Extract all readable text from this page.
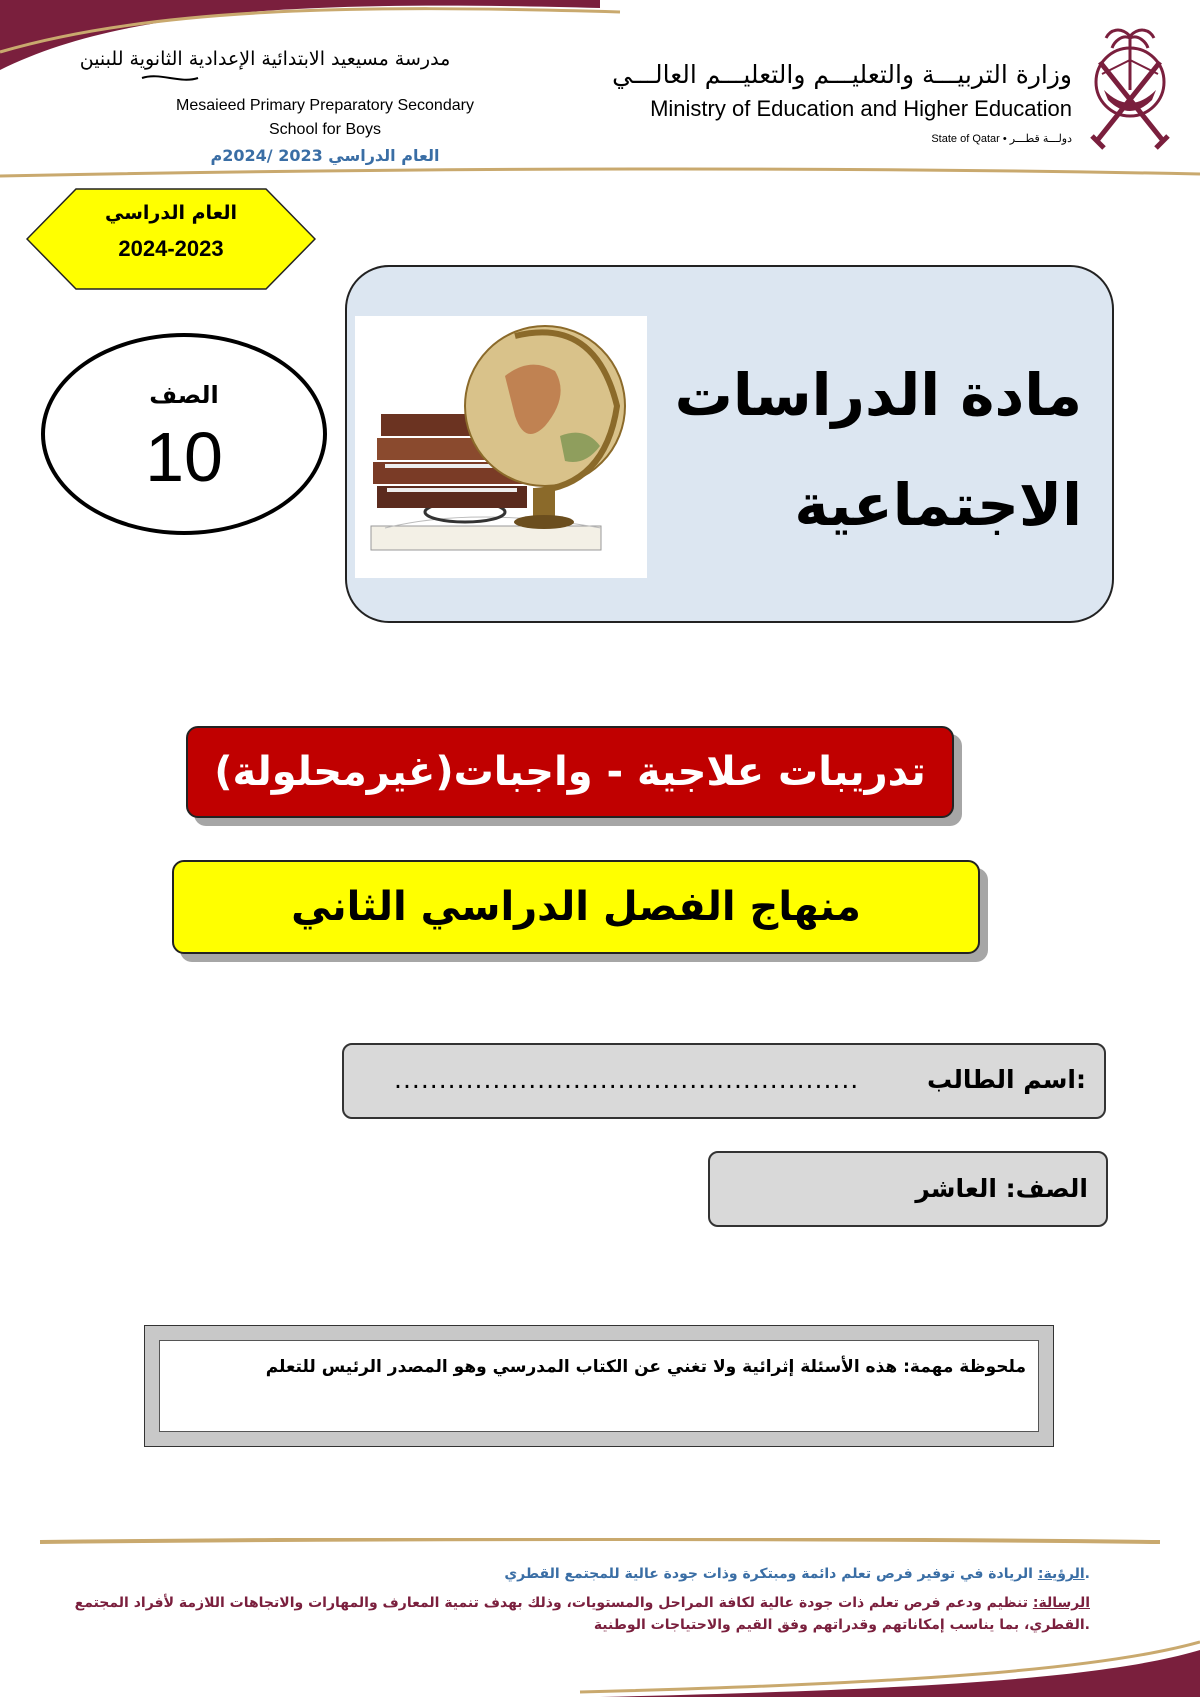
مدرسة مسيعيد الابتدائية الإعدادية الثانوية للبنين
Mesaieed Primary Preparatory Secondary
School for Boys
العام الدراسي 2023 /2024م
وزارة التربيـــة والتعليـــم والتعليـــم العالـــي
Ministry of Education and Higher Education
State of Qatar • دولـــة قطـــر
العام الدراسي
2024-2023
الصف
10
مادة الدراسات
الاجتماعية
تدريبات علاجية - واجبات(غيرمحلولة)
منهاج الفصل الدراسي الثاني
اسم الطالب:
....................................................
الصف: العاشر
ملحوظة مهمة: هذه الأسئلة إثرائية ولا تغني عن الكتاب المدرسي وهو المصدر الرئيس للتعلم
الرؤية: الريادة في توفير فرص تعلم دائمة ومبتكرة وذات جودة عالية للمجتمع القطري.
الرسالة: تنظيم ودعم فرص تعلم ذات جودة عالية لكافة المراحل والمستويات، وذلك بهدف تنمية المعارف والمهارات والاتجاهات اللازمة لأفراد المجتمع القطري، بما يناسب إمكاناتهم وقدراتهم وفق القيم والاحتياجات الوطنية.
